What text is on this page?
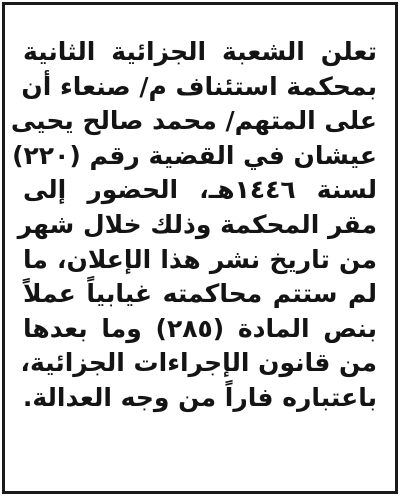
تعلن الشعبة الجزائية الثانية
بمحكمة استئناف م/ صنعاء أن
على المتهم/ محمد صالح يحيى
عيشان في القضية رقم (٢٢٠)
لسنة ١٤٤٦هـ، الحضور إلى
مقر المحكمة وذلك خلال شهر
من تاريخ نشر هذا الإعلان، ما
لم ستتم محاكمته غيابياً عملاً
بنص المادة (٢٨٥) وما بعدها
من قانون الإجراءات الجزائية،
باعتباره فاراً من وجه العدالة.
